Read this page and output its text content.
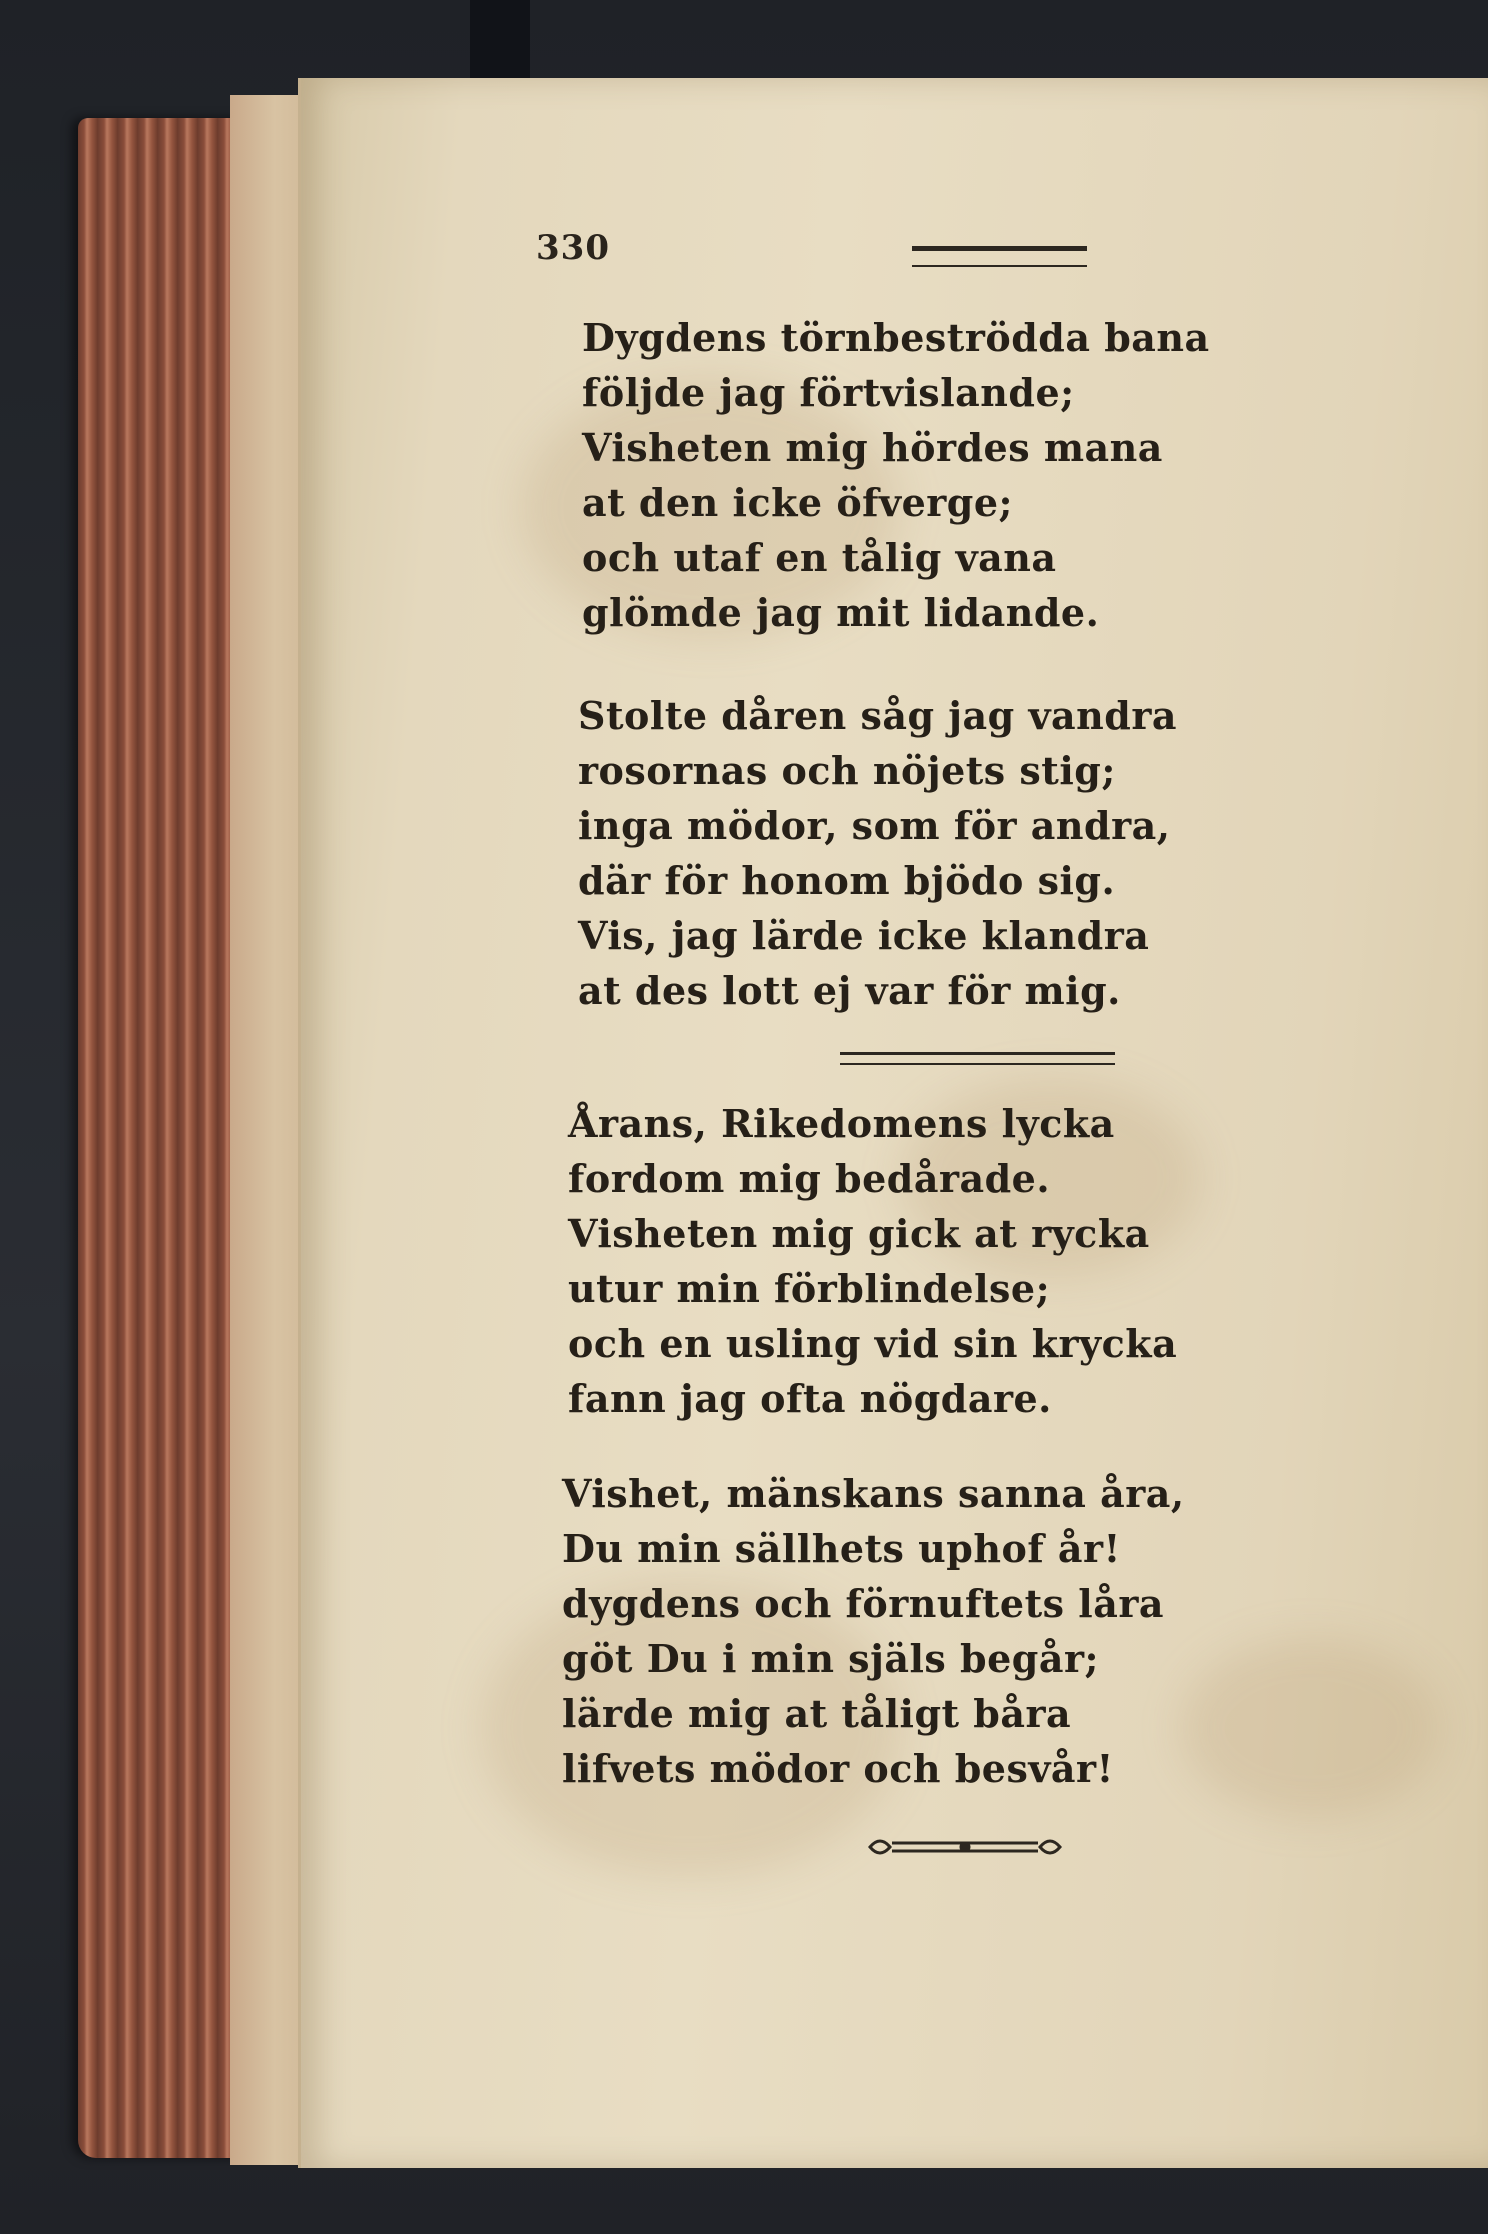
330
Dygdens törnbeströdda bana
följde jag förtvislande;
Visheten mig hördes mana
at den icke öfverge;
och utaf en tålig vana
glömde jag mit lidande.
Stolte dåren såg jag vandra
rosornas och nöjets stig;
inga mödor, som för andra,
där för honom bjödo sig.
Vis, jag lärde icke klandra
at des lott ej var för mig.
Årans, Rikedomens lycka
fordom mig bedårade.
Visheten mig gick at rycka
utur min förblindelse;
och en usling vid sin krycka
fann jag ofta nögdare.
Vishet, mänskans sanna åra,
Du min sällhets uphof år!
dygdens och förnuftets låra
göt Du i min själs begår;
lärde mig at tåligt båra
lifvets mödor och besvår!
